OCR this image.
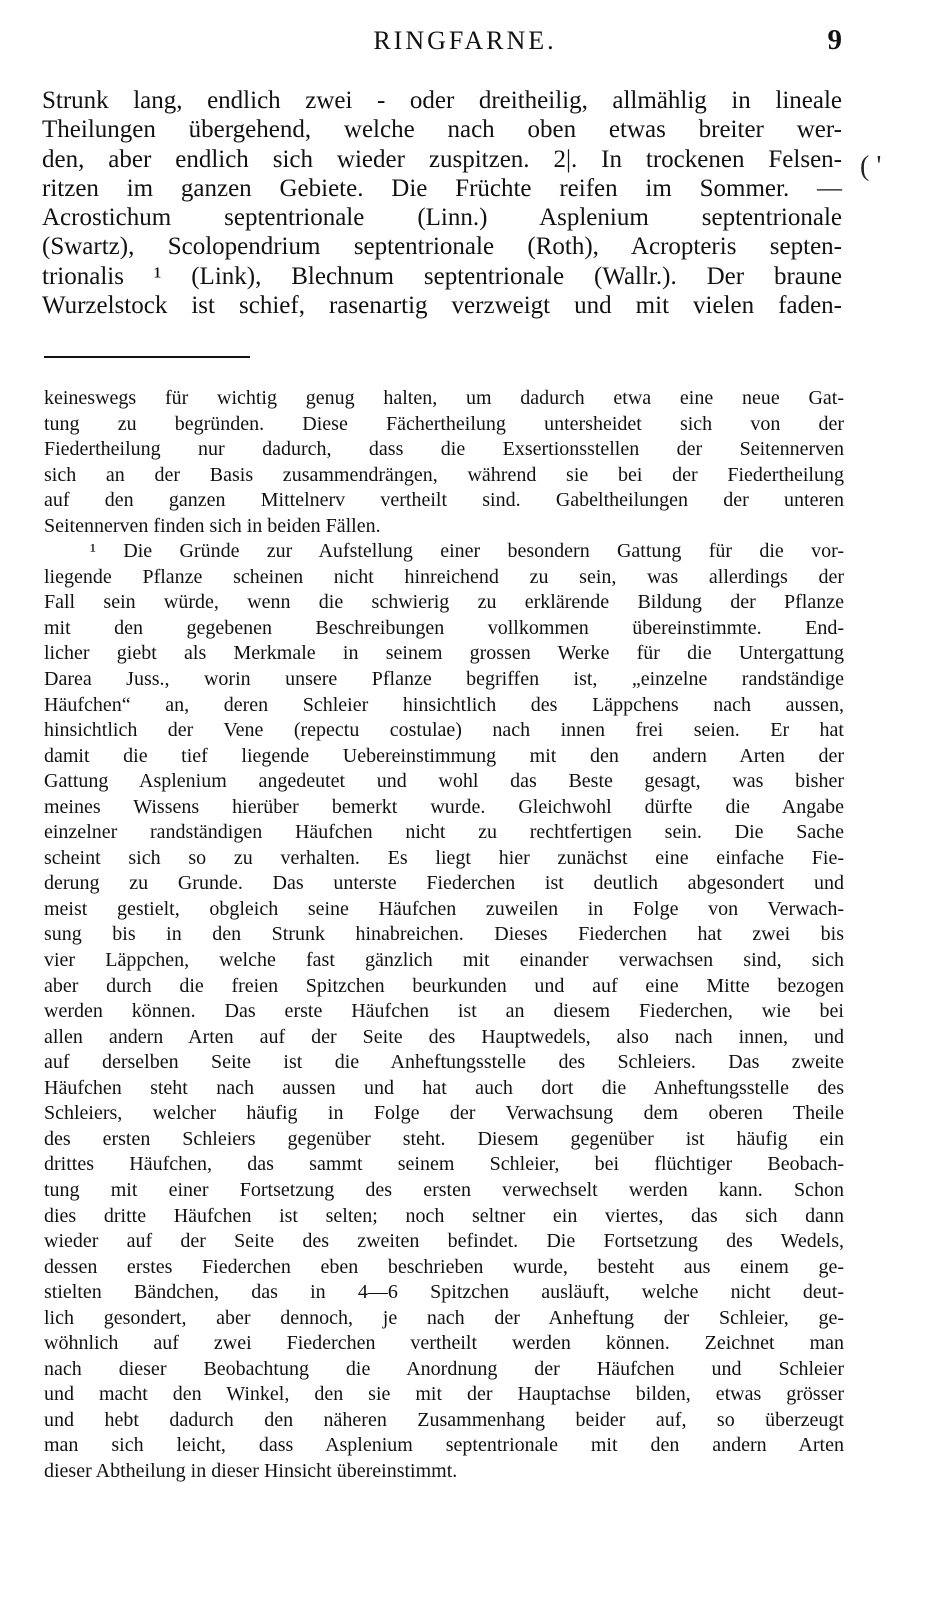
RINGFARNE.	9
( '
Strunk lang, endlich zwei - oder dreitheilig, allmählig in lineale
Theilungen übergehend, welche nach oben etwas breiter wer-
den, aber endlich sich wieder zuspitzen. 2|. In trockenen Felsen-
ritzen im ganzen Gebiete. Die Früchte reifen im Sommer. —
Acrostichum septentrionale (Linn.) Asplenium septentrionale
(Swartz), Scolopendrium septentrionale (Roth), Acropteris septen-
trionalis ¹ (Link), Blechnum septentrionale (Wallr.). Der braune
Wurzelstock ist schief, rasenartig verzweigt und mit vielen faden-
keineswegs für wichtig genug halten, um dadurch etwa eine neue Gat-
tung zu begründen. Diese Fächertheilung untersheidet sich von der
Fiedertheilung nur dadurch, dass die Exsertionsstellen der Seitennerven
sich an der Basis zusammendrängen, während sie bei der Fiedertheilung
auf den ganzen Mittelnerv vertheilt sind. Gabeltheilungen der unteren
Seitennerven finden sich in beiden Fällen.
¹ Die Gründe zur Aufstellung einer besondern Gattung für die vor-
liegende Pflanze scheinen nicht hinreichend zu sein, was allerdings der
Fall sein würde, wenn die schwierig zu erklärende Bildung der Pflanze
mit den gegebenen Beschreibungen vollkommen übereinstimmte. End-
licher giebt als Merkmale in seinem grossen Werke für die Untergattung
Darea Juss., worin unsere Pflanze begriffen ist, „einzelne randständige
Häufchen“ an, deren Schleier hinsichtlich des Läppchens nach aussen,
hinsichtlich der Vene (repectu costulae) nach innen frei seien. Er hat
damit die tief liegende Uebereinstimmung mit den andern Arten der
Gattung Asplenium angedeutet und wohl das Beste gesagt, was bisher
meines Wissens hierüber bemerkt wurde. Gleichwohl dürfte die Angabe
einzelner randständigen Häufchen nicht zu rechtfertigen sein. Die Sache
scheint sich so zu verhalten. Es liegt hier zunächst eine einfache Fie-
derung zu Grunde. Das unterste Fiederchen ist deutlich abgesondert und
meist gestielt, obgleich seine Häufchen zuweilen in Folge von Verwach-
sung bis in den Strunk hinabreichen. Dieses Fiederchen hat zwei bis
vier Läppchen, welche fast gänzlich mit einander verwachsen sind, sich
aber durch die freien Spitzchen beurkunden und auf eine Mitte bezogen
werden können. Das erste Häufchen ist an diesem Fiederchen, wie bei
allen andern Arten auf der Seite des Hauptwedels, also nach innen, und
auf derselben Seite ist die Anheftungsstelle des Schleiers. Das zweite
Häufchen steht nach aussen und hat auch dort die Anheftungsstelle des
Schleiers, welcher häufig in Folge der Verwachsung dem oberen Theile
des ersten Schleiers gegenüber steht. Diesem gegenüber ist häufig ein
drittes Häufchen, das sammt seinem Schleier, bei flüchtiger Beobach-
tung mit einer Fortsetzung des ersten verwechselt werden kann. Schon
dies dritte Häufchen ist selten; noch seltner ein viertes, das sich dann
wieder auf der Seite des zweiten befindet. Die Fortsetzung des Wedels,
dessen erstes Fiederchen eben beschrieben wurde, besteht aus einem ge-
stielten Bändchen, das in 4—6 Spitzchen ausläuft, welche nicht deut-
lich gesondert, aber dennoch, je nach der Anheftung der Schleier, ge-
wöhnlich auf zwei Fiederchen vertheilt werden können. Zeichnet man
nach dieser Beobachtung die Anordnung der Häufchen und Schleier
und macht den Winkel, den sie mit der Hauptachse bilden, etwas grösser
und hebt dadurch den näheren Zusammenhang beider auf, so überzeugt
man sich leicht, dass Asplenium septentrionale mit den andern Arten
dieser Abtheilung in dieser Hinsicht übereinstimmt.
